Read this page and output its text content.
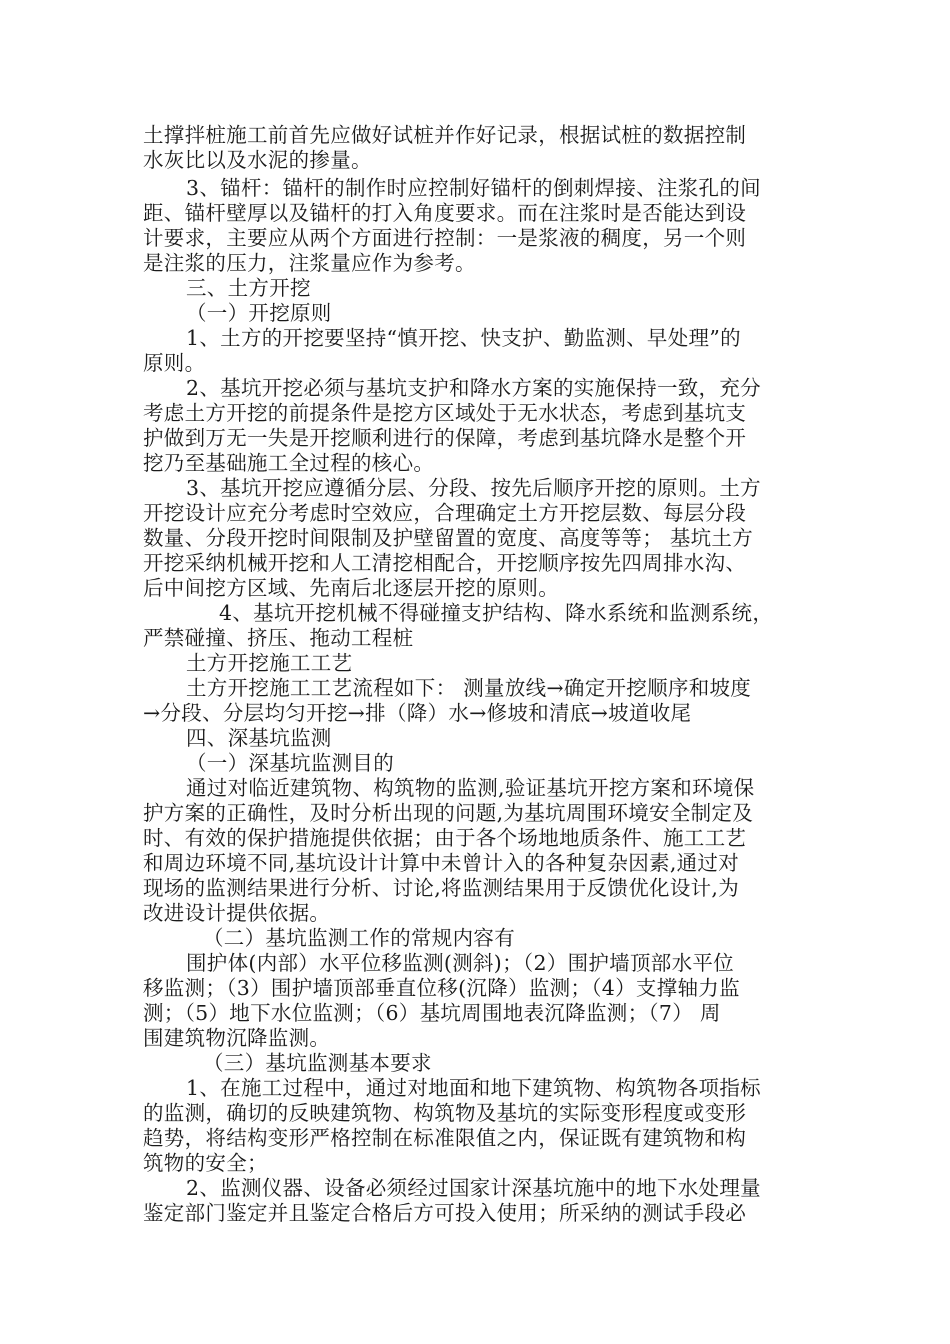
土撑拌桩施工前首先应做好试桩并作好记录，根据试桩的数据控制
水灰比以及水泥的掺量。
3、锚杆：锚杆的制作时应控制好锚杆的倒刺焊接、注浆孔的间
距、锚杆壁厚以及锚杆的打入角度要求。而在注浆时是否能达到设
计要求，主要应从两个方面进行控制：一是浆液的稠度，另一个则
是注浆的压力，注浆量应作为参考。
三、土方开挖
（一）开挖原则
1、土方的开挖要坚持“慎开挖、快支护、勤监测、早处理”的
原则。
2、基坑开挖必须与基坑支护和降水方案的实施保持一致，充分
考虑土方开挖的前提条件是挖方区域处于无水状态，考虑到基坑支
护做到万无一失是开挖顺利进行的保障，考虑到基坑降水是整个开
挖乃至基础施工全过程的核心。
3、基坑开挖应遵循分层、分段、按先后顺序开挖的原则。土方
开挖设计应充分考虑时空效应，合理确定土方开挖层数、每层分段
数量、分段开挖时间限制及护壁留置的宽度、高度等等； 基坑土方
开挖采纳机械开挖和人工清挖相配合，开挖顺序按先四周排水沟、
后中间挖方区域、先南后北逐层开挖的原则。
4、基坑开挖机械不得碰撞支护结构、降水系统和监测系统，
严禁碰撞、挤压、拖动工程桩
土方开挖施工工艺
土方开挖施工工艺流程如下： 测量放线→确定开挖顺序和坡度
→分段、分层均匀开挖→排（降）水→修坡和清底→坡道收尾
四、深基坑监测
（一）深基坑监测目的
通过对临近建筑物、构筑物的监测,验证基坑开挖方案和环境保
护方案的正确性，及时分析出现的问题,为基坑周围环境安全制定及
时、有效的保护措施提供依据；由于各个场地地质条件、施工工艺
和周边环境不同,基坑设计计算中未曾计入的各种复杂因素,通过对
现场的监测结果进行分析、讨论,将监测结果用于反馈优化设计,为
改进设计提供依据。
（二）基坑监测工作的常规内容有
围护体(内部）水平位移监测(测斜)；（2）围护墙顶部水平位
移监测；（3）围护墙顶部垂直位移(沉降）监测；（4）支撑轴力监
测；（5）地下水位监测；（6）基坑周围地表沉降监测；（7） 周
围建筑物沉降监测。
（三）基坑监测基本要求
1、在施工过程中，通过对地面和地下建筑物、构筑物各项指标
的监测，确切的反映建筑物、构筑物及基坑的实际变形程度或变形
趋势，将结构变形严格控制在标准限值之内，保证既有建筑物和构
筑物的安全；
2、监测仪器、设备必须经过国家计深基坑施中的地下水处理量
鉴定部门鉴定并且鉴定合格后方可投入使用；所采纳的测试手段必
